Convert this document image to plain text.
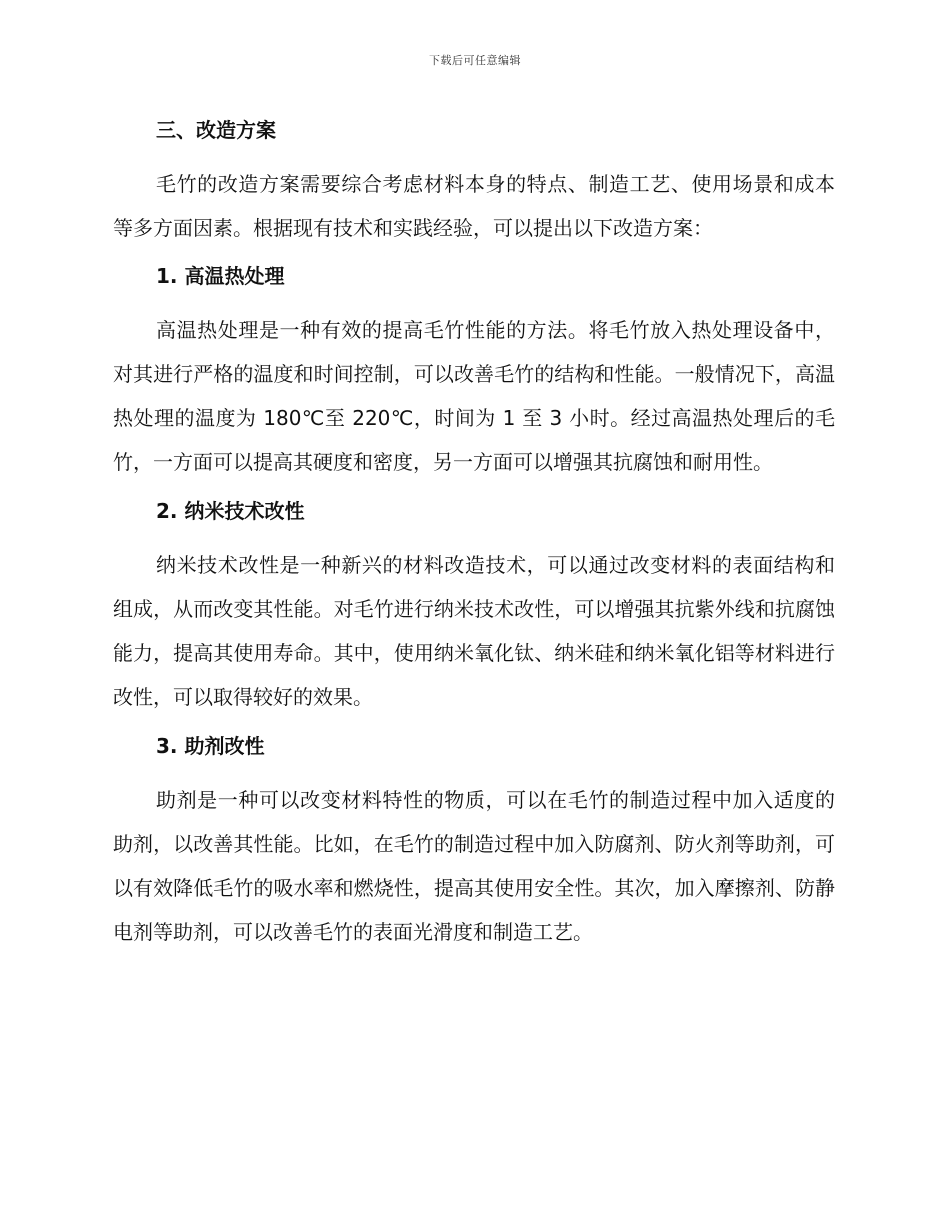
下载后可任意编辑
三、改造方案

毛竹的改造方案需要综合考虑材料本身的特点、制造工艺、使用场景和成本等多方面因素。根据现有技术和实践经验，可以提出以下改造方案：

1. 高温热处理

高温热处理是一种有效的提高毛竹性能的方法。将毛竹放入热处理设备中，对其进行严格的温度和时间控制，可以改善毛竹的结构和性能。一般情况下，高温热处理的温度为 180℃至 220℃，时间为 1 至 3 小时。经过高温热处理后的毛竹，一方面可以提高其硬度和密度，另一方面可以增强其抗腐蚀和耐用性。

2. 纳米技术改性

纳米技术改性是一种新兴的材料改造技术，可以通过改变材料的表面结构和组成，从而改变其性能。对毛竹进行纳米技术改性，可以增强其抗紫外线和抗腐蚀能力，提高其使用寿命。其中，使用纳米氧化钛、纳米硅和纳米氧化铝等材料进行改性，可以取得较好的效果。

3. 助剂改性

助剂是一种可以改变材料特性的物质，可以在毛竹的制造过程中加入适度的助剂，以改善其性能。比如，在毛竹的制造过程中加入防腐剂、防火剂等助剂，可以有效降低毛竹的吸水率和燃烧性，提高其使用安全性。其次，加入摩擦剂、防静电剂等助剂，可以改善毛竹的表面光滑度和制造工艺。
